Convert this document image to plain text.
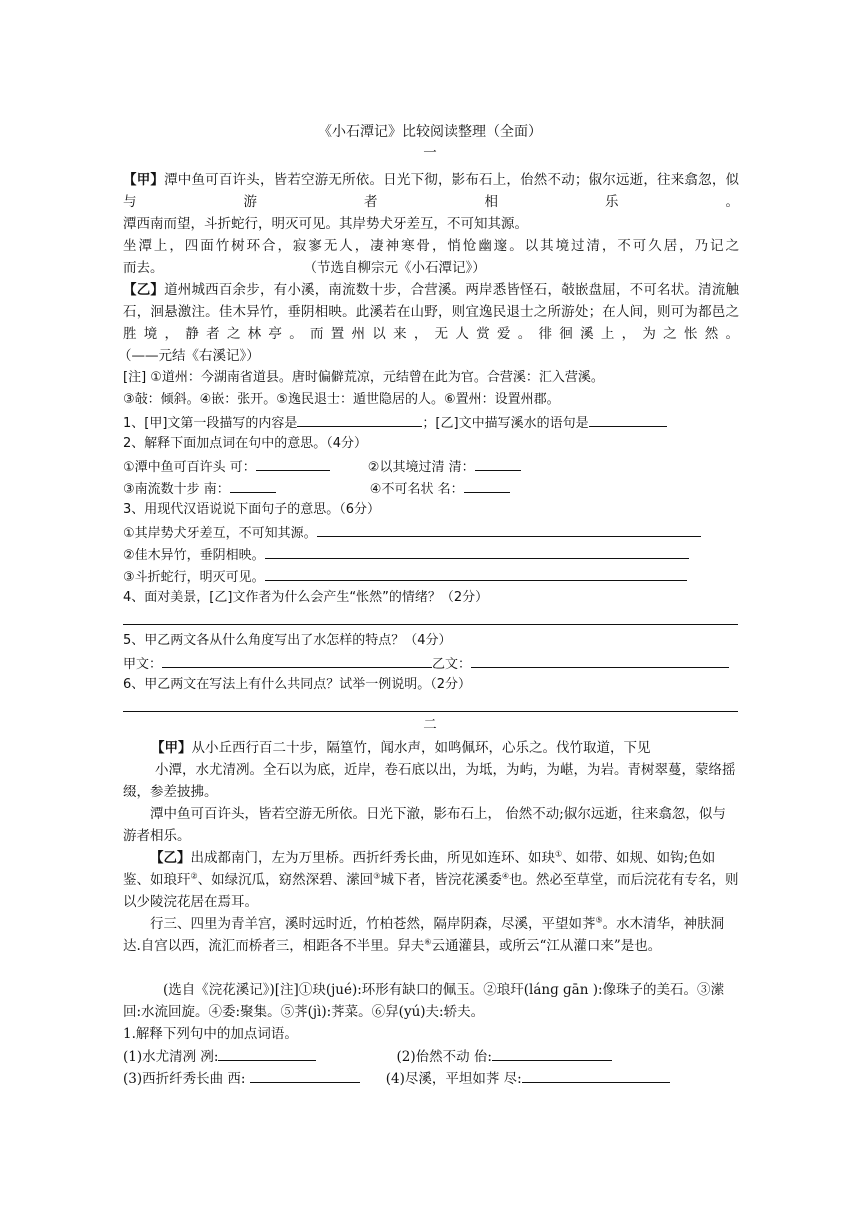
《小石潭记》比较阅读整理（全面）
一
【甲】潭中鱼可百许头，皆若空游无所依。日光下彻，影布石上，佁然不动；俶尔远逝，往来翕忽，似与游者相乐。
潭西南而望，斗折蛇行，明灭可见。其岸势犬牙差互，不可知其源。
坐潭上，四面竹树环合，寂寥无人，凄神寒骨，悄怆幽邃。以其境过清，不可久居，乃记之
而去。	（节选自柳宗元《小石潭记》）
【乙】道州城西百余步，有小溪，南流数十步，合营溪。两岸悉皆怪石，敧嵌盘屈，不可名状。清流触石，洄悬激注。佳木异竹，垂阴相映。此溪若在山野，则宜逸民退士之所游处；在人间，则可为都邑之胜境，静者之林亭。而置州以来，无人赏爱。徘徊溪上，为之怅然。
（——元结《右溪记》）
[注] ①道州：今湖南省道县。唐时偏僻荒凉，元结曾在此为官。合营溪：汇入营溪。
③敧：倾斜。④嵌：张开。⑤逸民退士：遁世隐居的人。⑥置州：设置州郡。
1、[甲]文第一段描写的内容是	；[乙]文中描写溪水的语句是
2、解释下面加点词在句中的意思。（4分）
①潭中鱼可百许头 可：	②以其境过清 清：
③南流数十步 南：	④不可名状 名：
3、用现代汉语说说下面句子的意思。（6分）
①其岸势犬牙差互，不可知其源。
②佳木异竹，垂阴相映。
③斗折蛇行，明灭可见。
4、面对美景，[乙]文作者为什么会产生“怅然”的情绪？（2分）
5、甲乙两文各从什么角度写出了水怎样的特点？（4分）
甲文：	乙文：
6、甲乙两文在写法上有什么共同点？试举一例说明。（2分）
二
【甲】从小丘西行百二十步，隔篁竹，闻水声，如鸣佩环，心乐之。伐竹取道，下见
小潭，水尤清冽。全石以为底，近岸，卷石底以出，为坻，为屿，为嵁，为岩。青树翠蔓，蒙络摇缀，参差披拂。
潭中鱼可百许头，皆若空游无所依。日光下澈，影布石上， 佁然不动;俶尔远逝，往来翕忽，似与游者相乐。
【乙】出成都南门，左为万里桥。西折纤秀长曲，所见如连环、如玦①、如带、如规、如钩;色如鉴、如琅玕②、如绿沉瓜，窈然深碧、潆回③城下者，皆浣花溪委④也。然必至草堂，而后浣花有专名，则以少陵浣花居在焉耳。
行三、四里为青羊宫，溪时远时近，竹柏苍然，隔岸阴森，尽溪，平望如荠⑤。水木清华，神肤洞达.自宫以西，流汇而桥者三，相距各不半里。舁夫⑥云通灌县，或所云“江从灌口来”是也。
(选自《浣花溪记》)[注]①玦(jué):环形有缺口的佩玉。②琅玕(lánɡ ɡān ):像珠子的美石。③潆回:水流回旋。④委:聚集。⑤荠(jì):荠菜。⑥舁(yú)夫:轿夫。
1.解释下列句中的加点词语。
(1)水尤清冽 冽:	(2)佁然不动 佁:
(3)西折纤秀长曲 西:	(4)尽溪，平坦如荠 尽:
